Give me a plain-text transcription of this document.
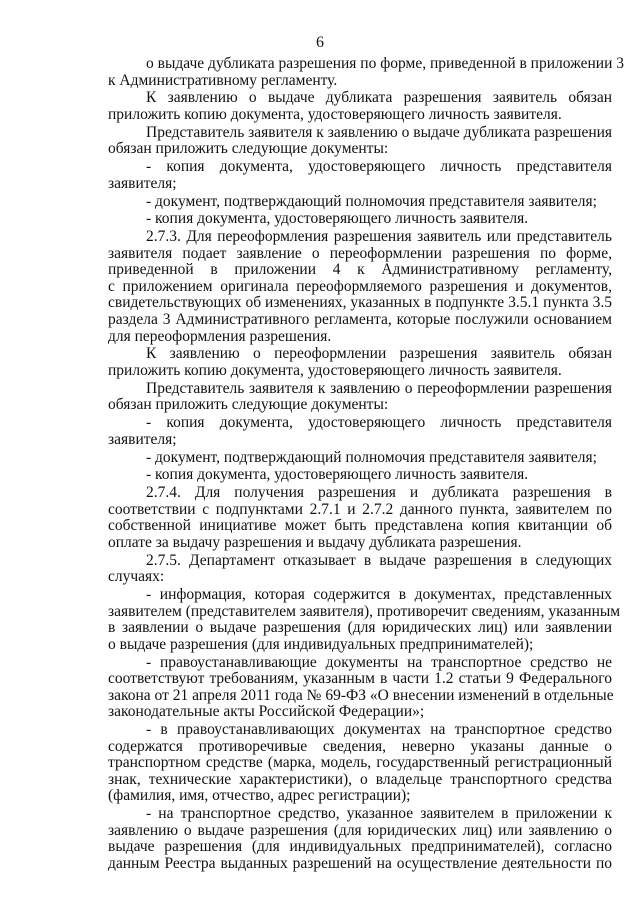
6
о выдаче дубликата разрешения по форме, приведенной в приложении 3
к Административному регламенту.
К заявлению о выдаче дубликата разрешения заявитель обязан
приложить копию документа, удостоверяющего личность заявителя.
Представитель заявителя к заявлению о выдаче дубликата разрешения
обязан приложить следующие документы:
- копия документа, удостоверяющего личность представителя
заявителя;
- документ, подтверждающий полномочия представителя заявителя;
- копия документа, удостоверяющего личность заявителя.
2.7.3. Для переоформления разрешения заявитель или представитель
заявителя подает заявление о переоформлении разрешения по форме,
приведенной в приложении 4 к Административному регламенту,
с приложением оригинала переоформляемого разрешения и документов,
свидетельствующих об изменениях, указанных в подпункте 3.5.1 пункта 3.5
раздела 3 Административного регламента, которые послужили основанием
для переоформления разрешения.
К заявлению о переоформлении разрешения заявитель обязан
приложить копию документа, удостоверяющего личность заявителя.
Представитель заявителя к заявлению о переоформлении разрешения
обязан приложить следующие документы:
- копия документа, удостоверяющего личность представителя
заявителя;
- документ, подтверждающий полномочия представителя заявителя;
- копия документа, удостоверяющего личность заявителя.
2.7.4. Для получения разрешения и дубликата разрешения в
соответствии с подпунктами 2.7.1 и 2.7.2 данного пункта, заявителем по
собственной инициативе может быть представлена копия квитанции об
оплате за выдачу разрешения и выдачу дубликата разрешения.
2.7.5. Департамент отказывает в выдаче разрешения в следующих
случаях:
- информация, которая содержится в документах, представленных
заявителем (представителем заявителя), противоречит сведениям, указанным
в заявлении о выдаче разрешения (для юридических лиц) или заявлении
о выдаче разрешения (для индивидуальных предпринимателей);
- правоустанавливающие документы на транспортное средство не
соответствуют требованиям, указанным в части 1.2 статьи 9 Федерального
закона от 21 апреля 2011 года № 69-ФЗ «О внесении изменений в отдельные
законодательные акты Российской Федерации»;
- в правоустанавливающих документах на транспортное средство
содержатся противоречивые сведения, неверно указаны данные о
транспортном средстве (марка, модель, государственный регистрационный
знак, технические характеристики), о владельце транспортного средства
(фамилия, имя, отчество, адрес регистрации);
- на транспортное средство, указанное заявителем в приложении к
заявлению о выдаче разрешения (для юридических лиц) или заявлению о
выдаче разрешения (для индивидуальных предпринимателей), согласно
данным Реестра выданных разрешений на осуществление деятельности по
